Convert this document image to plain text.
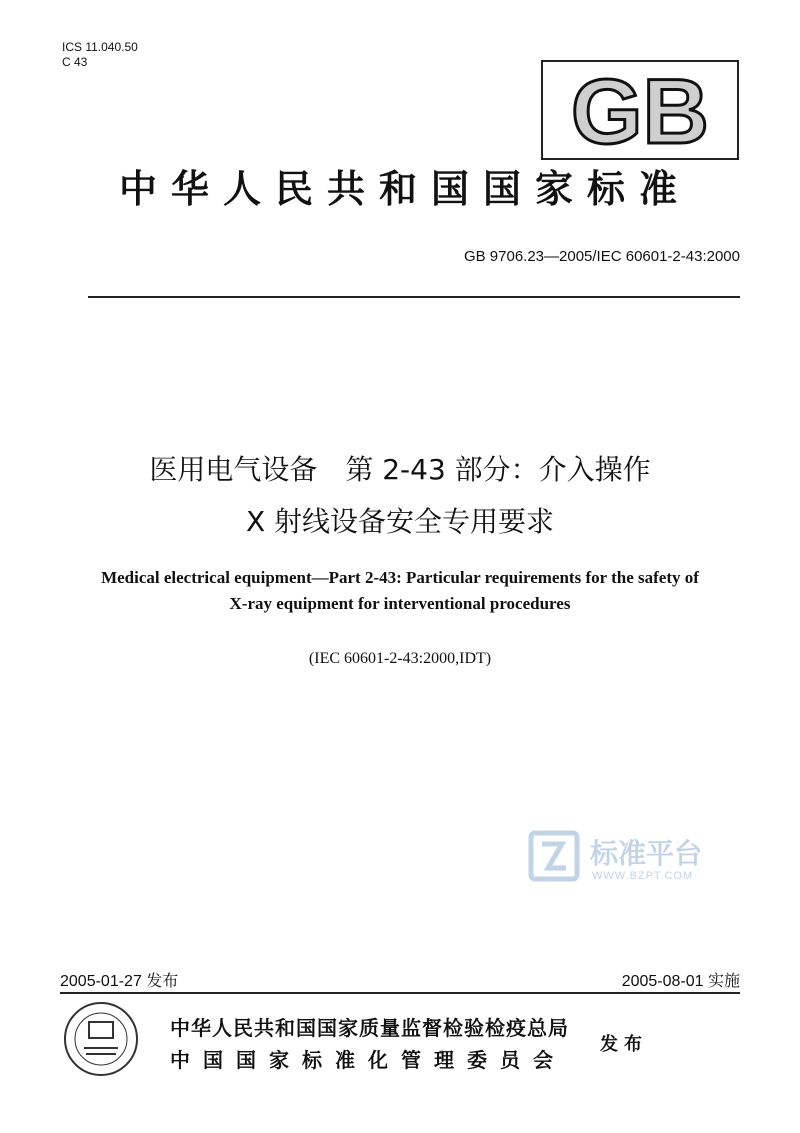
ICS 11.040.50
C 43	GB
中华人民共和国国家标准
GB 9706.23—2005/IEC 60601-2-43:2000
医用电气设备　第 2-43 部分：介入操作
X 射线设备安全专用要求
Medical electrical equipment—Part 2-43: Particular requirements for the safety of
X-ray equipment for interventional procedures
(IEC 60601-2-43:2000,IDT)
标准平台
WWW.BZPT.COM
2005-01-27 发布	2005-08-01 实施
中华人民共和国国家质量监督检验检疫总局
中国国家标准化管理委员会
发布
